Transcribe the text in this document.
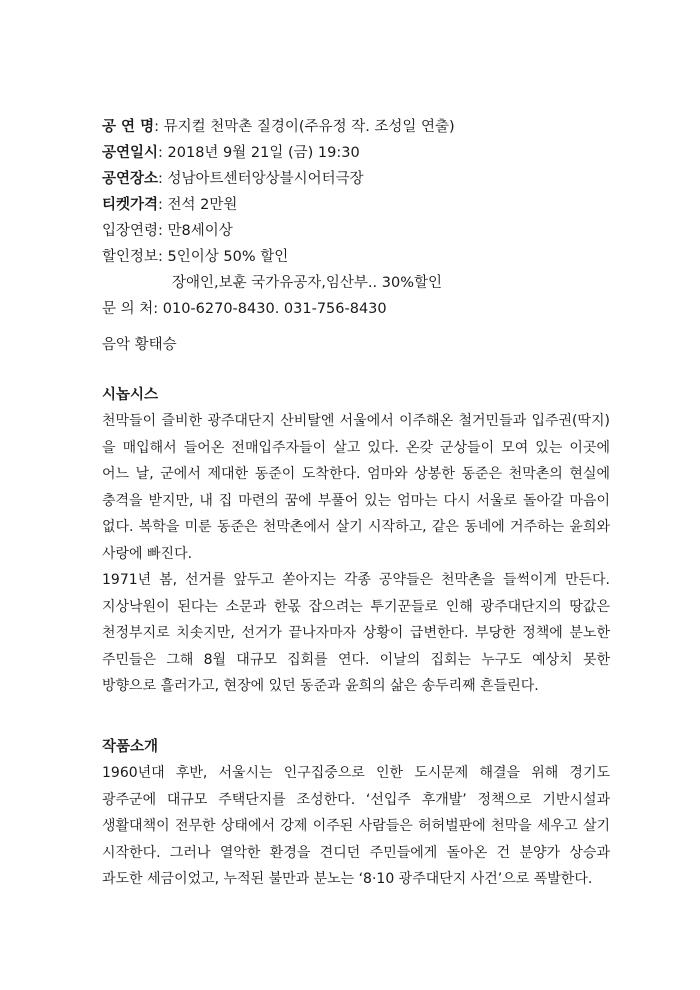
공 연 명: 뮤지컬 천막촌 질경이(주유정 작. 조성일 연출)
공연일시: 2018년 9월 21일 (금) 19:30
공연장소: 성남아트센터앙상블시어터극장
티켓가격: 전석 2만원
입장연령: 만8세이상
할인정보: 5인이상 50% 할인
장애인,보훈 국가유공자,임산부.. 30%할인
문 의 처: 010-6270-8430. 031-756-8430
음악 황태승
시놉시스

천막들이 즐비한 광주대단지 산비탈엔 서울에서 이주해온 철거민들과 입주권(딱지)을 매입해서 들어온 전매입주자들이 살고 있다. 온갖 군상들이 모여 있는 이곳에 어느 날, 군에서 제대한 동준이 도착한다. 엄마와 상봉한 동준은 천막촌의 현실에 충격을 받지만, 내 집 마련의 꿈에 부풀어 있는 엄마는 다시 서울로 돌아갈 마음이 없다. 복학을 미룬 동준은 천막촌에서 살기 시작하고, 같은 동네에 거주하는 윤희와 사랑에 빠진다.

1971년 봄, 선거를 앞두고 쏟아지는 각종 공약들은 천막촌을 들썩이게 만든다. 지상낙원이 된다는 소문과 한몫 잡으려는 투기꾼들로 인해 광주대단지의 땅값은 천정부지로 치솟지만, 선거가 끝나자마자 상황이 급변한다. 부당한 정책에 분노한 주민들은 그해 8월 대규모 집회를 연다. 이날의 집회는 누구도 예상치 못한 방향으로 흘러가고, 현장에 있던 동준과 윤희의 삶은 송두리째 흔들린다.

작품소개

1960년대 후반, 서울시는 인구집중으로 인한 도시문제 해결을 위해 경기도 광주군에 대규모 주택단지를 조성한다. ‘선입주 후개발’ 정책으로 기반시설과 생활대책이 전무한 상태에서 강제 이주된 사람들은 허허벌판에 천막을 세우고 살기 시작한다. 그러나 열악한 환경을 견디던 주민들에게 돌아온 건 분양가 상승과 과도한 세금이었고, 누적된 불만과 분노는 ‘8·10 광주대단지 사건’으로 폭발한다.
